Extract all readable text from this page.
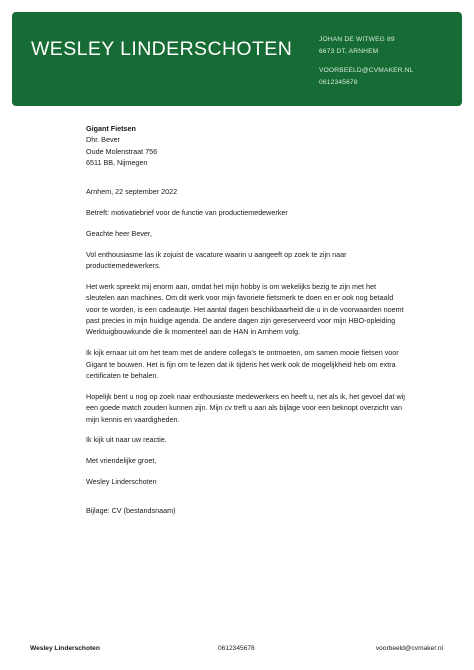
WESLEY LINDERSCHOTEN	JOHAN DE WITWEG 89
6673 DT, ARNHEM
VOORBEELD@CVMAKER.NL
0612345678
Gigant Fietsen
Dhr. Bever
Oude Molenstraat 756
6511 BB, Nijmegen

Arnhem, 22 september 2022

Betreft: motivatiebrief voor de functie van productiemedewerker

Geachte heer Bever,

Vol enthousiasme las ik zojuist de vacature waarin u aangeeft op zoek te zijn naar productiemedewerkers.

Het werk spreekt mij enorm aan, omdat het mijn hobby is om wekelijks bezig te zijn met het sleutelen aan machines. Om dit werk voor mijn favoriete fietsmerk te doen en er ook nog betaald voor te worden, is een cadeautje. Het aantal dagen beschikbaarheid die u in de voorwaarden noemt past precies in mijn huidige agenda. De andere dagen zijn gereserveerd voor mijn HBO-opleiding Werktuigbouwkunde die ik momenteel aan de HAN in Arnhem volg.

Ik kijk ernaar uit om het team met de andere collega’s te ontmoeten, om samen mooie fietsen voor Gigant te bouwen. Het is fijn om te lezen dat ik tijdens het werk ook de mogelijkheid heb om extra certificaten te behalen.

Hopelijk bent u nog op zoek naar enthousiaste medewerkers en heeft u, net als ik, het gevoel dat wij een goede match zouden kunnen zijn. Mijn cv treft u aan als bijlage voor een beknopt overzicht van mijn kennis en vaardigheden.

Ik kijk uit naar uw reactie.

Met vriendelijke groet,

Wesley Linderschoten

Bijlage: CV (bestandsnaam)

Wesley Linderschoten	0612345678	voorbeeld@cvmaker.nl
